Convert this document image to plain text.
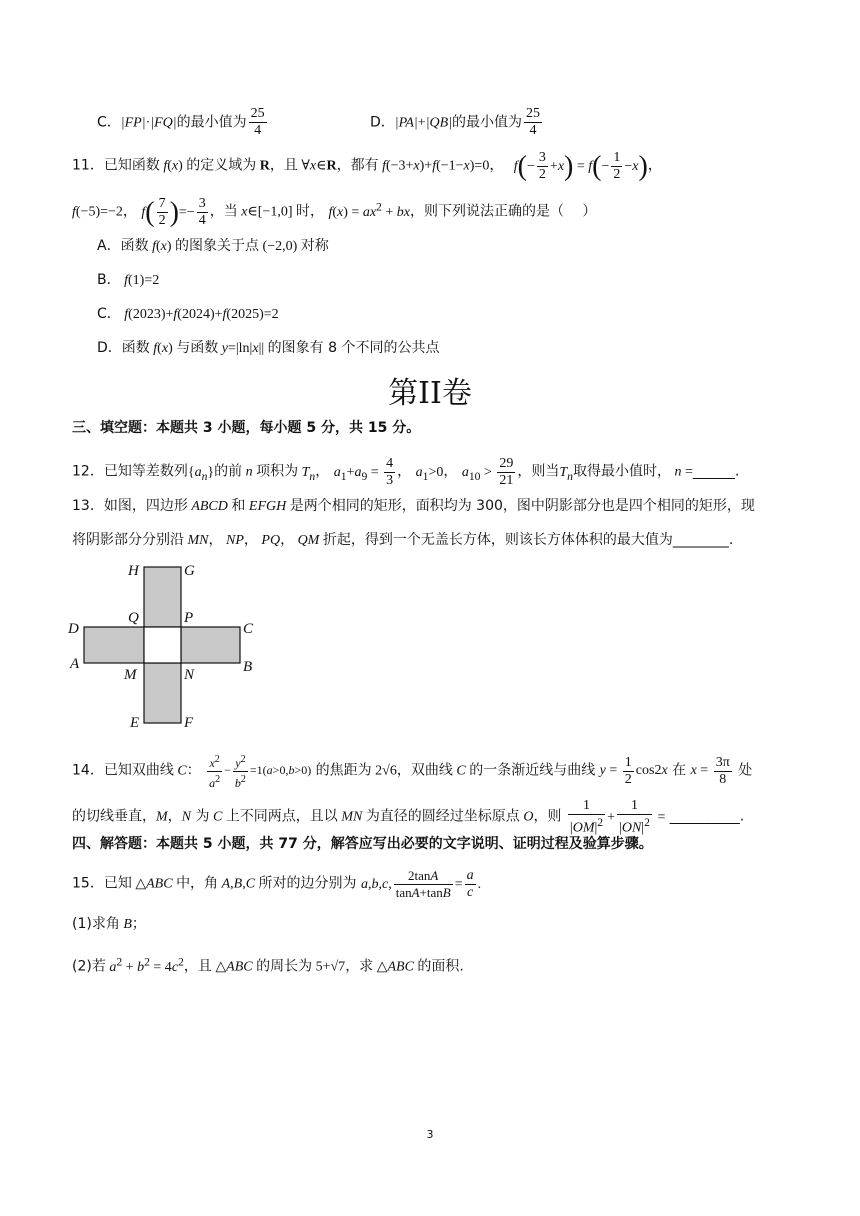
C．|FP|·|FQ|的最小值为 $\frac{25}{4}$	D．|PA|+|QB|的最小值为 $\frac{25}{4}$
11．已知函数 f(x) 的定义域为 R，且 ∀x∈R，都有 f(−3+x)+f(−1−x)=0， $f(- \frac{3}{2} +x) = f(- \frac{1}{2} -x)$，
f(−5)=−2， $f( \frac{7}{2}$ )=− $\frac{3}{4}$ ，当 x∈[−1,0] 时， $f(x) = ax^2$ + bx，则下列说法正确的是（　 ）
A．函数 f(x) 的图象关于点 (−2,0) 对称
B． f(1)=2
C． f(2023)+f(2024)+f(2025)=2
D．函数 f(x) 与函数 y=|ln|x|| 的图象有 8 个不同的公共点
第II卷
三、填空题：本题共 3 小题，每小题 5 分，共 15 分。
12．已知等差数列$\{a_n\}$的前 n 项积为 $T_n$， $a_1+a_9 = \frac{4}{3}$ ， $a_1>0$， $a_{10} > \frac{29}{21}$ ，则当$T_n$取得最小值时， n =______.
13．如图，四边形 ABCD 和 EFGH 是两个相同的矩形，面积均为 300，图中阴影部分也是四个相同的矩形，现
将阴影部分分别沿 MN， NP， PQ， QM 折起，得到一个无盖长方体，则该长方体体积的最大值为________.
H	G
Q	P
D	C
A	B
M	N
E	F
14．已知双曲线 C： $\frac{x^2}{a^2} - \frac{y^2}{b^2} =1(a>0,b>0)$ 的焦距为 2√6，双曲线 C 的一条渐近线与曲线 $y = \frac{1}{2} \cos 2x$ 在 $x = \frac{3\pi}{8}$ 处
的切线垂直，M，N 为 C 上不同两点，且以 MN 为直径的圆经过坐标原点 O，则 $\frac{1}{|OM|^2} + \frac{1}{|ON|^2}$ = __________.
四、解答题：本题共 5 小题，共 77 分，解答应写出必要的文字说明、证明过程及验算步骤。
15．已知 △ABC 中，角 A,B,C 所对的边分别为 a,b,c, $\frac{2\tan A}{\tan A+\tan B} = \frac{a}{c}$ .
(1)求角 B；
(2)若 $a^2 + b^2 = 4c^2$，且 △ABC 的周长为 5+√7，求 △ABC 的面积.
3
